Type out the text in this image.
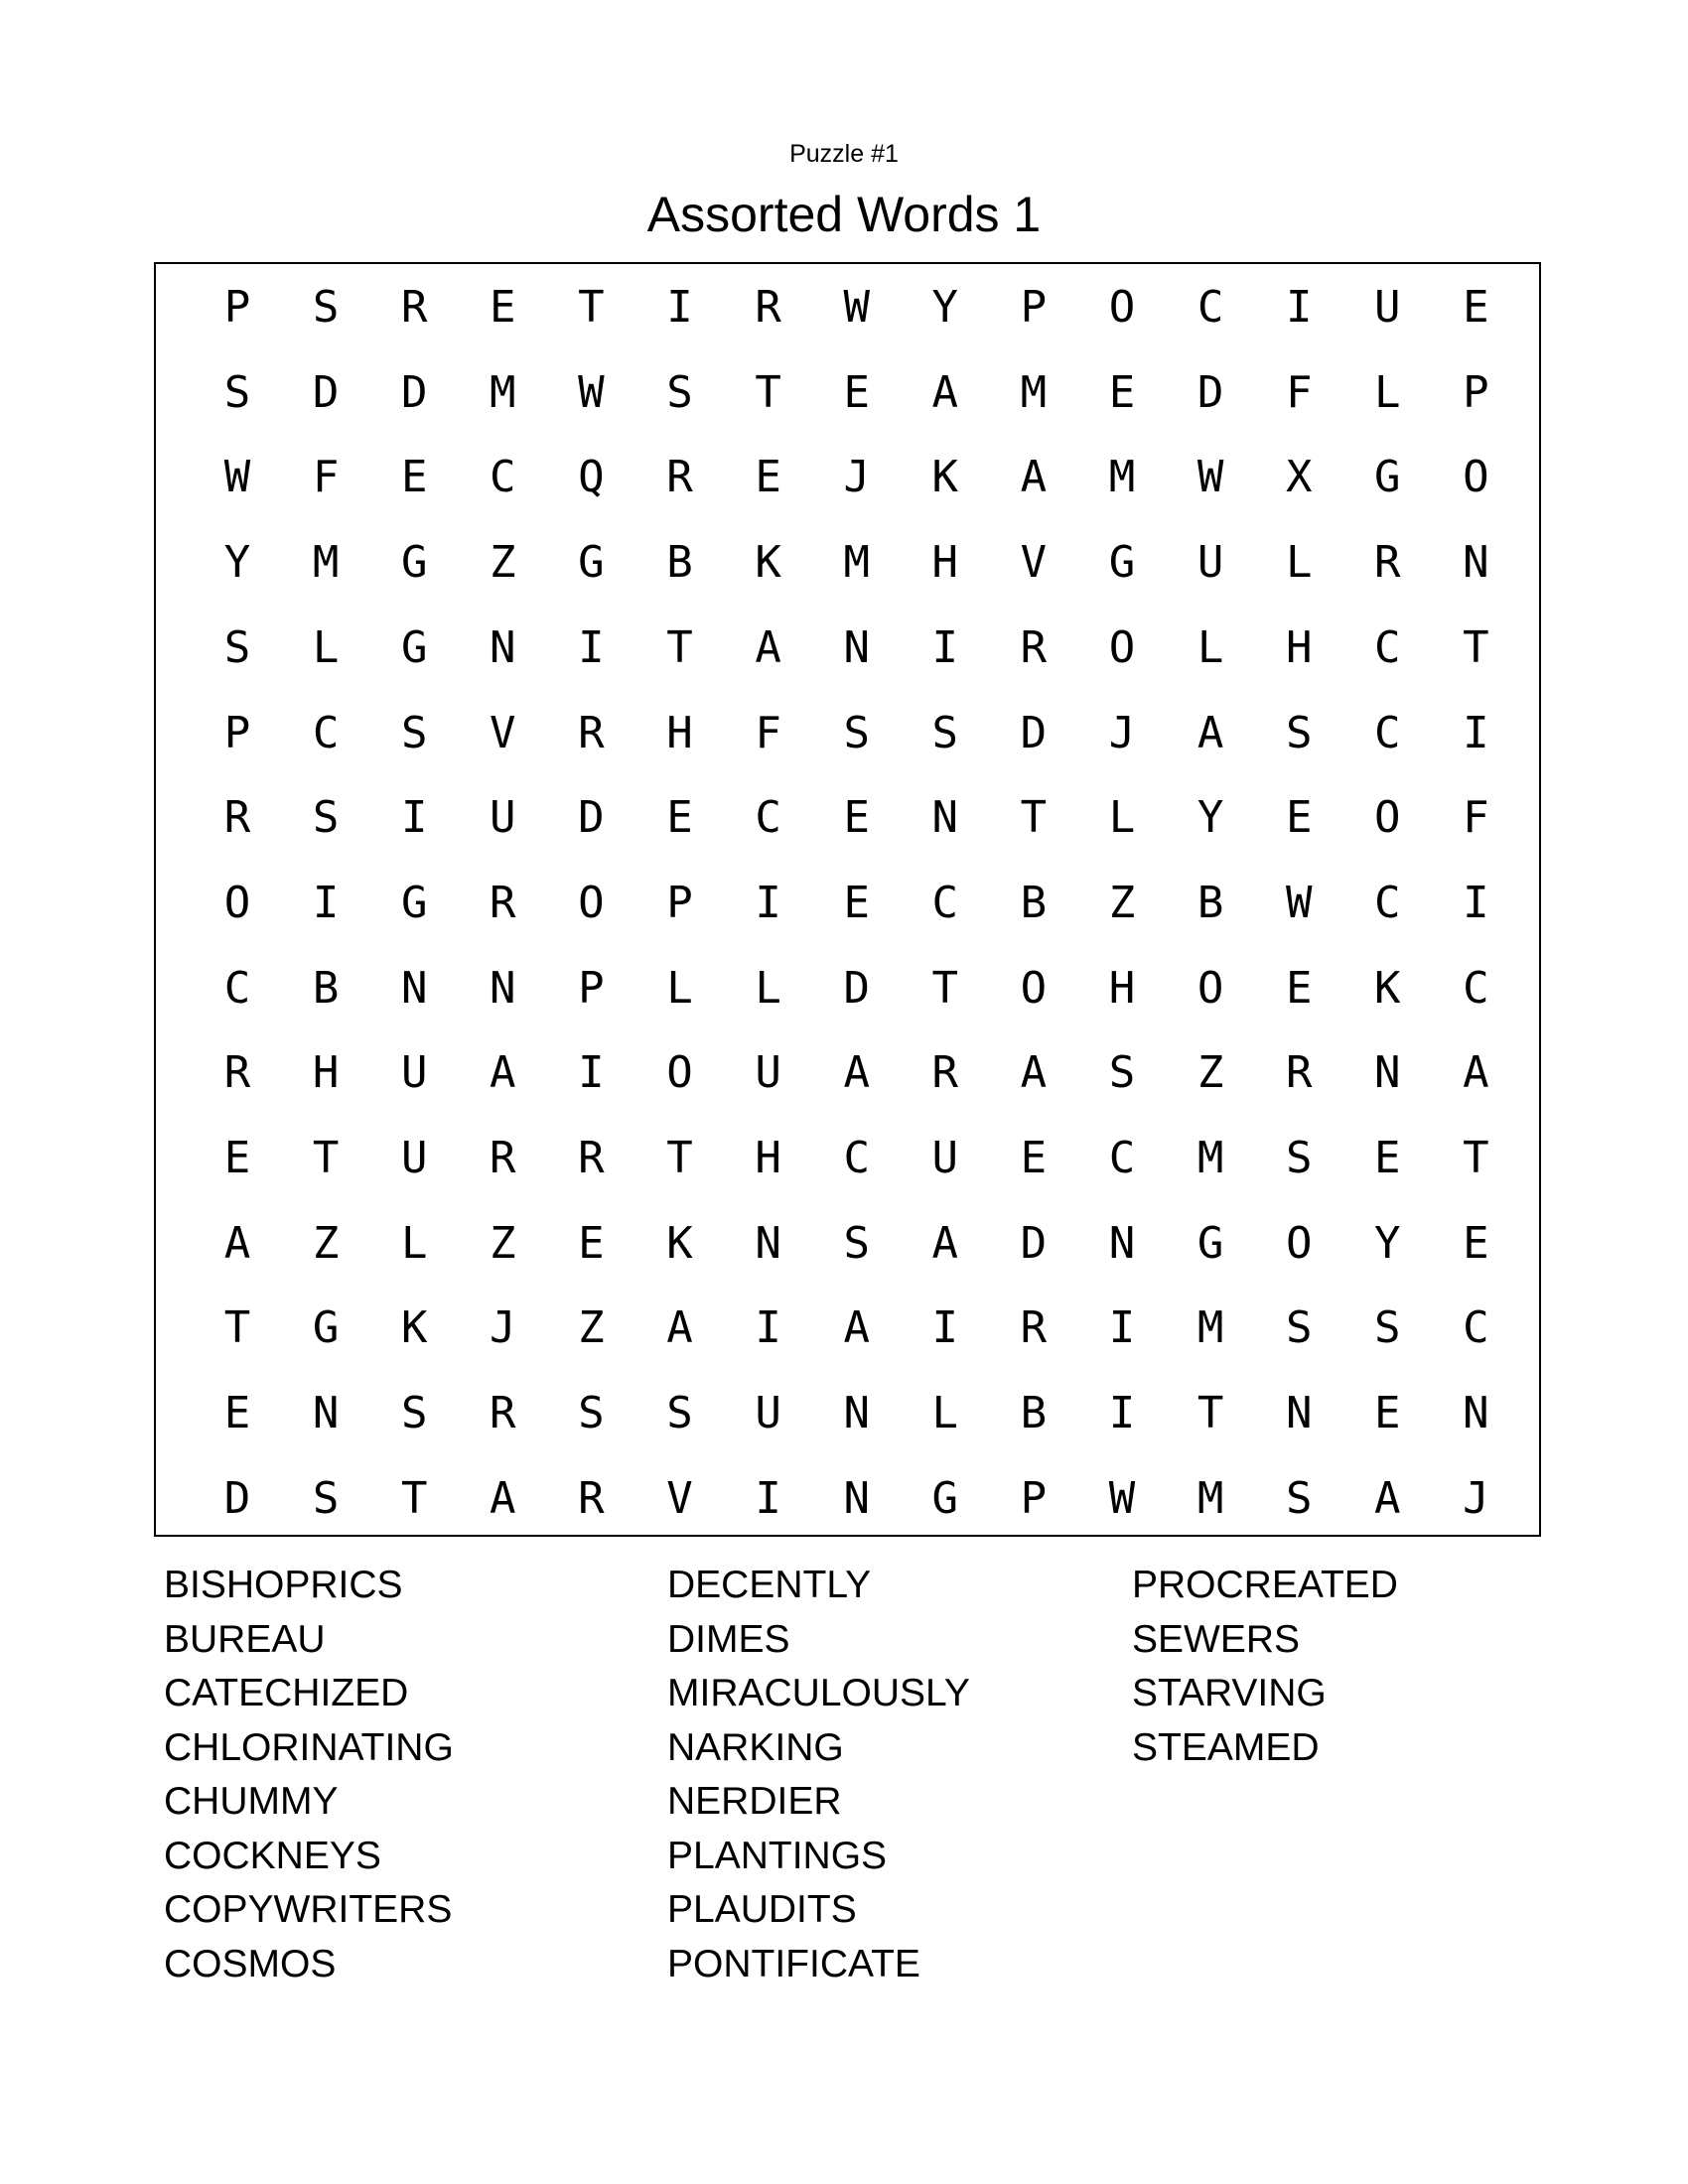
Puzzle #1
Assorted Words 1
P	S	R	E	T	I	R	W	Y	P	O	C	I	U	E
S	D	D	M	W	S	T	E	A	M	E	D	F	L	P
W	F	E	C	Q	R	E	J	K	A	M	W	X	G	O
Y	M	G	Z	G	B	K	M	H	V	G	U	L	R	N
S	L	G	N	I	T	A	N	I	R	O	L	H	C	T
P	C	S	V	R	H	F	S	S	D	J	A	S	C	I
R	S	I	U	D	E	C	E	N	T	L	Y	E	O	F
O	I	G	R	O	P	I	E	C	B	Z	B	W	C	I
C	B	N	N	P	L	L	D	T	O	H	O	E	K	C
R	H	U	A	I	O	U	A	R	A	S	Z	R	N	A
E	T	U	R	R	T	H	C	U	E	C	M	S	E	T
A	Z	L	Z	E	K	N	S	A	D	N	G	O	Y	E
T	G	K	J	Z	A	I	A	I	R	I	M	S	S	C
E	N	S	R	S	S	U	N	L	B	I	T	N	E	N
D	S	T	A	R	V	I	N	G	P	W	M	S	A	J
BISHOPRICS
BUREAU
CATECHIZED
CHLORINATING
CHUMMY
COCKNEYS
COPYWRITERS
COSMOS
DECENTLY
DIMES
MIRACULOUSLY
NARKING
NERDIER
PLANTINGS
PLAUDITS
PONTIFICATE
PROCREATED
SEWERS
STARVING
STEAMED
